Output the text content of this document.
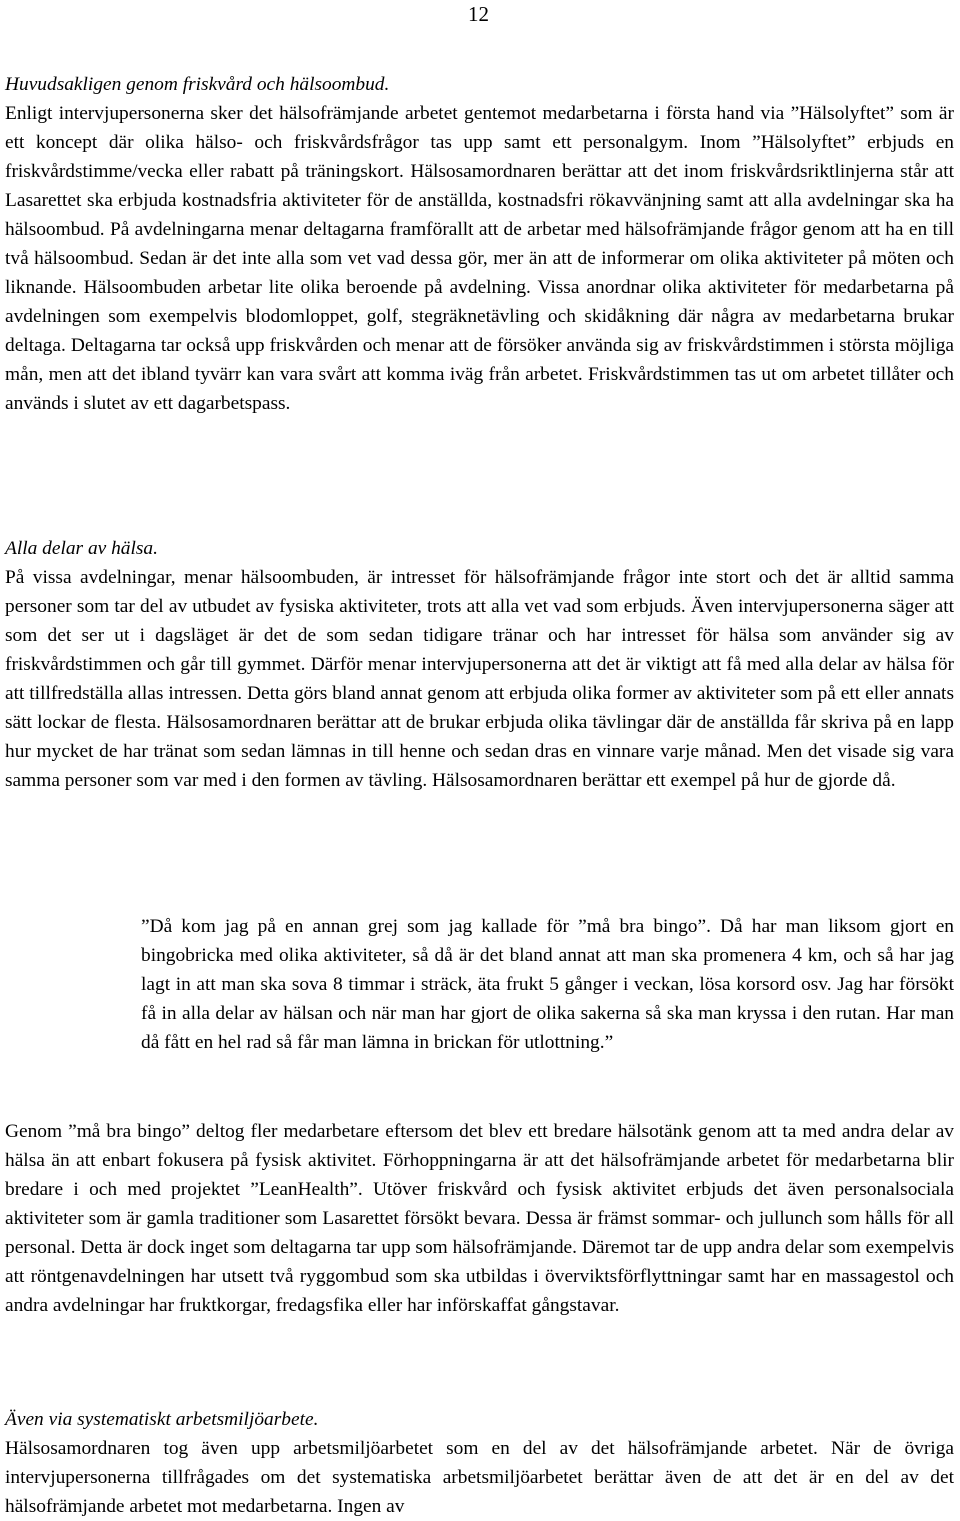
12

Huvudsakligen genom friskvård och hälsoombud.
Enligt intervjupersonerna sker det hälsofrämjande arbetet gentemot medarbetarna i första hand via ”Hälsolyftet” som är ett koncept där olika hälso- och friskvårdsfrågor tas upp samt ett personalgym. Inom ”Hälsolyftet” erbjuds en friskvårdstimme/vecka eller rabatt på träningskort. Hälsosamordnaren berättar att det inom friskvårdsriktlinjerna står att Lasarettet ska erbjuda kostnadsfria aktiviteter för de anställda, kostnadsfri rökavvänjning samt att alla avdelningar ska ha hälsoombud. På avdelningarna menar deltagarna framförallt att de arbetar med hälsofrämjande frågor genom att ha en till två hälsoombud. Sedan är det inte alla som vet vad dessa gör, mer än att de informerar om olika aktiviteter på möten och liknande. Hälsoombuden arbetar lite olika beroende på avdelning. Vissa anordnar olika aktiviteter för medarbetarna på avdelningen som exempelvis blodomloppet, golf, stegräknetävling och skidåkning där några av medarbetarna brukar deltaga. Deltagarna tar också upp friskvården och menar att de försöker använda sig av friskvårdstimmen i största möjliga mån, men att det ibland tyvärr kan vara svårt att komma iväg från arbetet. Friskvårdstimmen tas ut om arbetet tillåter och används i slutet av ett dagarbetspass.

Alla delar av hälsa.
På vissa avdelningar, menar hälsoombuden, är intresset för hälsofrämjande frågor inte stort och det är alltid samma personer som tar del av utbudet av fysiska aktiviteter, trots att alla vet vad som erbjuds. Även intervjupersonerna säger att som det ser ut i dagsläget är det de som sedan tidigare tränar och har intresset för hälsa som använder sig av friskvårdstimmen och går till gymmet. Därför menar intervjupersonerna att det är viktigt att få med alla delar av hälsa för att tillfredställa allas intressen. Detta görs bland annat genom att erbjuda olika former av aktiviteter som på ett eller annats sätt lockar de flesta. Hälsosamordnaren berättar att de brukar erbjuda olika tävlingar där de anställda får skriva på en lapp hur mycket de har tränat som sedan lämnas in till henne och sedan dras en vinnare varje månad. Men det visade sig vara samma personer som var med i den formen av tävling. Hälsosamordnaren berättar ett exempel på hur de gjorde då.

”Då kom jag på en annan grej som jag kallade för ”må bra bingo”. Då har man liksom gjort en bingobricka med olika aktiviteter, så då är det bland annat att man ska promenera 4 km, och så har jag lagt in att man ska sova 8 timmar i sträck, äta frukt 5 gånger i veckan, lösa korsord osv. Jag har försökt få in alla delar av hälsan och när man har gjort de olika sakerna så ska man kryssa i den rutan. Har man då fått en hel rad så får man lämna in brickan för utlottning.”

Genom ”må bra bingo” deltog fler medarbetare eftersom det blev ett bredare hälsotänk genom att ta med andra delar av hälsa än att enbart fokusera på fysisk aktivitet. Förhoppningarna är att det hälsofrämjande arbetet för medarbetarna blir bredare i och med projektet ”LeanHealth”. Utöver friskvård och fysisk aktivitet erbjuds det även personalsociala aktiviteter som är gamla traditioner som Lasarettet försökt bevara. Dessa är främst sommar- och jullunch som hålls för all personal. Detta är dock inget som deltagarna tar upp som hälsofrämjande. Däremot tar de upp andra delar som exempelvis att röntgenavdelningen har utsett två ryggombud som ska utbildas i överviktsförflyttningar samt har en massagestol och andra avdelningar har fruktkorgar, fredagsfika eller har införskaffat gångstavar.

Även via systematiskt arbetsmiljöarbete.
Hälsosamordnaren tog även upp arbetsmiljöarbetet som en del av det hälsofrämjande arbetet. När de övriga intervjupersonerna tillfrågades om det systematiska arbetsmiljöarbetet berättar även de att det är en del av det hälsofrämjande arbetet mot medarbetarna. Ingen av
